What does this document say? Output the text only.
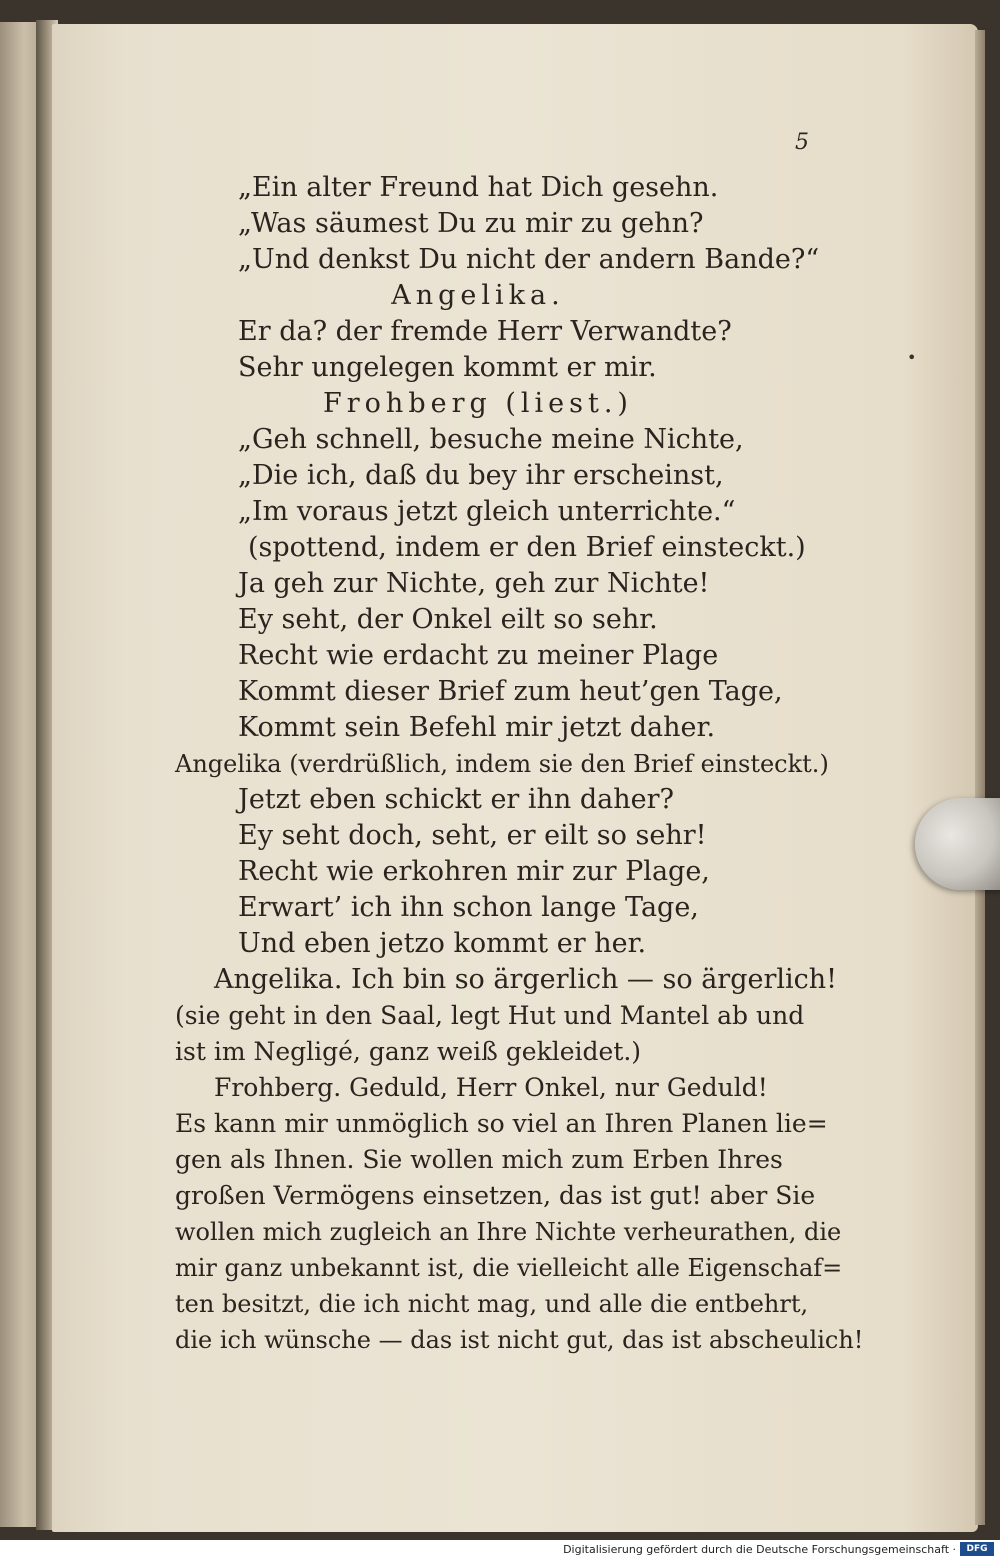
5
•
„Ein alter Freund hat Dich gesehn.
„Was säumest Du zu mir zu gehn?
„Und denkst Du nicht der andern Bande?“
Angelika.
Er da? der fremde Herr Verwandte?
Sehr ungelegen kommt er mir.
Frohberg (liest.)
„Geh schnell, besuche meine Nichte,
„Die ich, daß du bey ihr erscheinst,
„Im voraus jetzt gleich unterrichte.“
(spottend, indem er den Brief einsteckt.)
Ja geh zur Nichte, geh zur Nichte!
Ey seht, der Onkel eilt so sehr.
Recht wie erdacht zu meiner Plage
Kommt dieser Brief zum heut’gen Tage,
Kommt sein Befehl mir jetzt daher.
Angelika (verdrüßlich, indem sie den Brief einsteckt.)
Jetzt eben schickt er ihn daher?
Ey seht doch, seht, er eilt so sehr!
Recht wie erkohren mir zur Plage,
Erwart’ ich ihn schon lange Tage,
Und eben jetzo kommt er her.
Angelika. Ich bin so ärgerlich — so ärgerlich!
(sie geht in den Saal, legt Hut und Mantel ab und
ist im Negligé, ganz weiß gekleidet.)
Frohberg. Geduld, Herr Onkel, nur Geduld!
Es kann mir unmöglich so viel an Ihren Planen lie=
gen als Ihnen. Sie wollen mich zum Erben Ihres
großen Vermögens einsetzen, das ist gut! aber Sie
wollen mich zugleich an Ihre Nichte verheurathen, die
mir ganz unbekannt ist, die vielleicht alle Eigenschaf=
ten besitzt, die ich nicht mag, und alle die entbehrt,
die ich wünsche — das ist nicht gut, das ist abscheulich!
Digitalisierung gefördert durch die Deutsche Forschungsgemeinschaft ·	DFG
